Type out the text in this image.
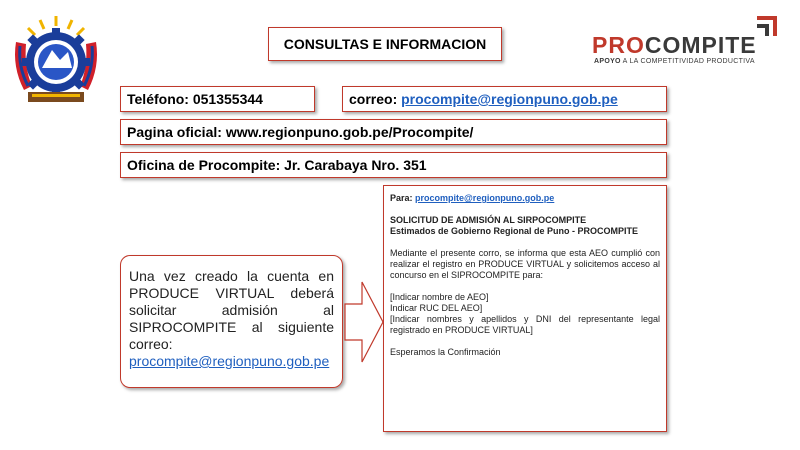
CONSULTAS E INFORMACION	PROCOMPITE
APOYO A LA COMPETITIVIDAD PRODUCTIVA
Teléfono:
051355344	correo:
procompite@regionpuno.gob.pe
Pagina oficial:
www.regionpuno.gob.pe/Procompite/
Oficina de Procompite:
Jr. Carabaya Nro. 351
Una vez creado la cuenta en PRODUCE VIRTUAL deberá solicitar admisión al SIPROCOMPITE al siguiente correo: procompite@regionpuno.gob.pe

Para: procompite@regionpuno.gob.pe

SOLICITUD DE ADMISIÓN AL SIRPOCOMPITE

Estimados de Gobierno Regional de Puno - PROCOMPITE

Mediante el presente corro, se informa que esta AEO cumplió con realizar el registro en PRODUCE VIRTUAL y solicitemos acceso al concurso en el SIPROCOMPITE para:

[Indicar nombre de AEO]

Indicar RUC DEL AEO]

[Indicar nombres y apellidos y DNI del representante legal registrado en PRODUCE VIRTUAL]

Esperamos la Confirmación
